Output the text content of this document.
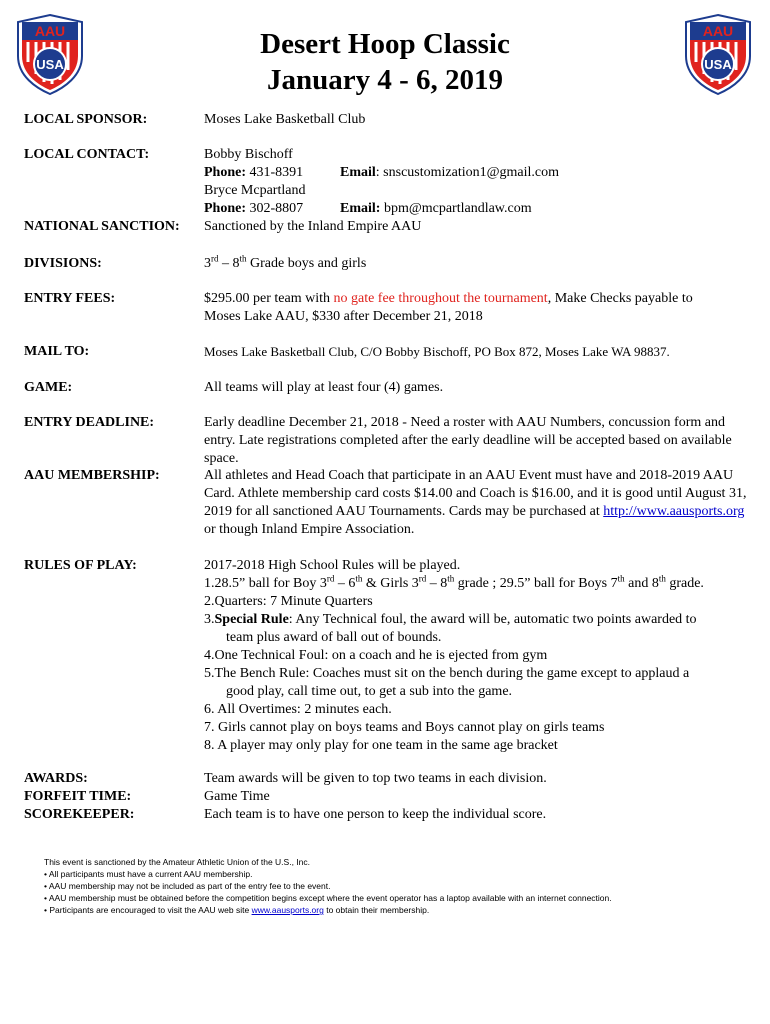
AAU
USA
AAU
USA
Desert Hoop Classic
January 4 - 6, 2019
LOCAL SPONSOR:	Moses Lake Basketball Club
LOCAL CONTACT:	Bobby Bischoff
Phone: 431-8391	Email: snscustomization1@gmail.com
Bryce Mcpartland
Phone: 302-8807	Email: bpm@mcpartlandlaw.com
NATIONAL SANCTION: Sanctioned by the Inland Empire AAU
DIVISIONS:	3rd – 8th Grade boys and girls
ENTRY FEES:	$295.00 per team with no gate fee throughout the tournament, Make Checks payable to
Moses Lake AAU, $330 after December 21, 2018
MAIL TO:	Moses Lake Basketball Club, C/O Bobby Bischoff, PO Box 872, Moses Lake WA 98837.
GAME:	All teams will play at least four (4) games.
ENTRY DEADLINE:	Early deadline December 21, 2018 - Need a roster with AAU Numbers, concussion form and entry. Late registrations completed after the early deadline will be accepted based on available space.
AAU MEMBERSHIP:	All athletes and Head Coach that participate in an AAU Event must have and 2018-2019 AAU Card. Athlete membership card costs $14.00 and Coach is $16.00, and it is good until August 31, 2019 for all sanctioned AAU Tournaments. Cards may be purchased at http://www.aausports.org or though Inland Empire Association.
RULES OF PLAY:	2017-2018 High School Rules will be played.
1.28.5” ball for Boy 3rd – 6th & Girls 3rd – 8th grade ; 29.5” ball for Boys 7th and 8th grade.
2.Quarters: 7 Minute Quarters
3.Special Rule: Any Technical foul, the award will be, automatic two points awarded to
team plus award of ball out of bounds.
4.One Technical Foul: on a coach and he is ejected from gym
5.The Bench Rule: Coaches must sit on the bench during the game except to applaud a
good play, call time out, to get a sub into the game.
6. All Overtimes: 2 minutes each.
7. Girls cannot play on boys teams and Boys cannot play on girls teams
8. A player may only play for one team in the same age bracket
AWARDS:	Team awards will be given to top two teams in each division.
FORFEIT TIME:	Game Time
SCOREKEEPER:	Each team is to have one person to keep the individual score.
This event is sanctioned by the Amateur Athletic Union of the U.S., Inc.
• All participants must have a current AAU membership.
• AAU membership may not be included as part of the entry fee to the event.
• AAU membership must be obtained before the competition begins except where the event operator has a laptop available with an internet connection.
• Participants are encouraged to visit the AAU web site www.aausports.org to obtain their membership.
